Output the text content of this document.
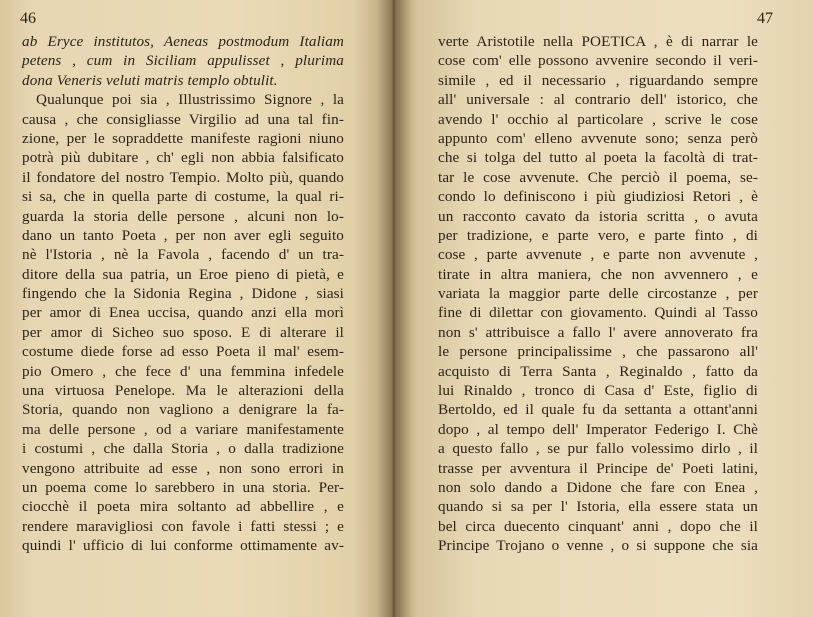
46
ab Eryce institutos, Aeneas postmodum Italiam
petens , cum in Siciliam appulisset , plurima
dona Veneris veluti matris templo obtulit.
Qualunque poi sia , Illustrissimo Signore , la
causa , che consigliasse Virgilio ad una tal fin-
zione, per le sopraddette manifeste ragioni niuno
potrà più dubitare , ch' egli non abbia falsificato
il fondatore del nostro Tempio. Molto più, quando
si sa, che in quella parte di costume, la qual ri-
guarda la storia delle persone , alcuni non lo-
dano un tanto Poeta , per non aver egli seguito
nè l'Istoria , nè la Favola , facendo d' un tra-
ditore della sua patria, un Eroe pieno di pietà, e
fingendo che la Sidonia Regina , Didone , siasi
per amor di Enea uccisa, quando anzi ella morì
per amor di Sicheo suo sposo. E di alterare il
costume diede forse ad esso Poeta il mal' esem-
pio Omero , che fece d' una femmina infedele
una virtuosa Penelope. Ma le alterazioni della
Storia, quando non vagliono a denigrare la fa-
ma delle persone , od a variare manifestamente
i costumi , che dalla Storia , o dalla tradizione
vengono attribuite ad esse , non sono errori in
un poema come lo sarebbero in una storia. Per-
ciocchè il poeta mira soltanto ad abbellire , e
rendere maravigliosi con favole i fatti stessi ; e
quindi l' ufficio di lui conforme ottimamente av-
47
verte Aristotile nella POETICA , è di narrar le
cose com' elle possono avvenire secondo il veri-
simile , ed il necessario , riguardando sempre
all' universale : al contrario dell' istorico, che
avendo l' occhio al particolare , scrive le cose
appunto com' elleno avvenute sono; senza però
che si tolga del tutto al poeta la facoltà di trat-
tar le cose avvenute. Che perciò il poema, se-
condo lo definiscono i più giudiziosi Retori , è
un racconto cavato da istoria scritta , o avuta
per tradizione, e parte vero, e parte finto , di
cose , parte avvenute , e parte non avvenute ,
tirate in altra maniera, che non avvennero , e
variata la maggior parte delle circostanze , per
fine di dilettar con giovamento. Quindi al Tasso
non s' attribuisce a fallo l' avere annoverato fra
le persone principalissime , che passarono all'
acquisto di Terra Santa , Reginaldo , fatto da
lui Rinaldo , tronco di Casa d' Este, figlio di
Bertoldo, ed il quale fu da settanta a ottant'anni
dopo , al tempo dell' Imperator Federigo I. Chè
a questo fallo , se pur fallo volessimo dirlo , il
trasse per avventura il Principe de' Poeti latini,
non solo dando a Didone che fare con Enea ,
quando si sa per l' Istoria, ella essere stata un
bel circa duecento cinquant' anni , dopo che il
Principe Trojano o venne , o si suppone che sia
